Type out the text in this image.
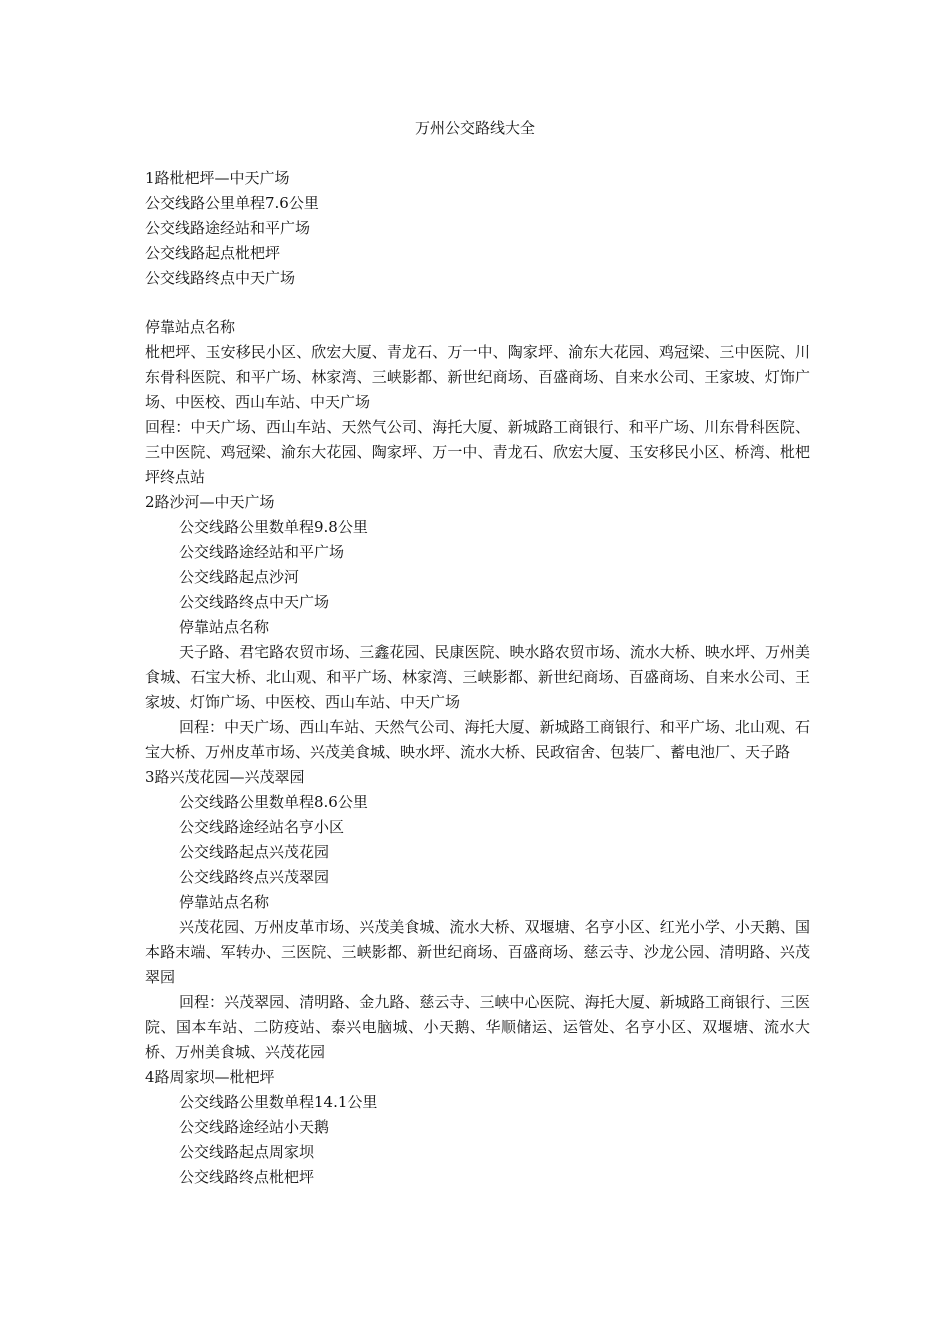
万州公交路线大全

1路枇杷坪—中天广场

公交线路公里单程7.6公里

公交线路途经站和平广场

公交线路起点枇杷坪

公交线路终点中天广场

停靠站点名称

枇杷坪、玉安移民小区、欣宏大厦、青龙石、万一中、陶家坪、渝东大花园、鸡冠梁、三中医院、川东骨科医院、和平广场、林家湾、三峡影都、新世纪商场、百盛商场、自来水公司、王家坡、灯饰广场、中医校、西山车站、中天广场

回程：中天广场、西山车站、天然气公司、海托大厦、新城路工商银行、和平广场、川东骨科医院、三中医院、鸡冠梁、渝东大花园、陶家坪、万一中、青龙石、欣宏大厦、玉安移民小区、桥湾、枇杷坪终点站

2路沙河—中天广场

公交线路公里数单程9.8公里

公交线路途经站和平广场

公交线路起点沙河

公交线路终点中天广场

停靠站点名称

天子路、君宅路农贸市场、三鑫花园、民康医院、映水路农贸市场、流水大桥、映水坪、万州美食城、石宝大桥、北山观、和平广场、林家湾、三峡影都、新世纪商场、百盛商场、自来水公司、王家坡、灯饰广场、中医校、西山车站、中天广场

回程：中天广场、西山车站、天然气公司、海托大厦、新城路工商银行、和平广场、北山观、石宝大桥、万州皮革市场、兴茂美食城、映水坪、流水大桥、民政宿舍、包装厂、蓄电池厂、天子路

3路兴茂花园—兴茂翠园

公交线路公里数单程8.6公里

公交线路途经站名亨小区

公交线路起点兴茂花园

公交线路终点兴茂翠园

停靠站点名称

兴茂花园、万州皮革市场、兴茂美食城、流水大桥、双堰塘、名亨小区、红光小学、小天鹅、国本路末端、军转办、三医院、三峡影都、新世纪商场、百盛商场、慈云寺、沙龙公园、清明路、兴茂翠园

回程：兴茂翠园、清明路、金九路、慈云寺、三峡中心医院、海托大厦、新城路工商银行、三医院、国本车站、二防疫站、泰兴电脑城、小天鹅、华顺储运、运管处、名亨小区、双堰塘、流水大桥、万州美食城、兴茂花园

4路周家坝—枇杷坪

公交线路公里数单程14.1公里

公交线路途经站小天鹅

公交线路起点周家坝

公交线路终点枇杷坪
